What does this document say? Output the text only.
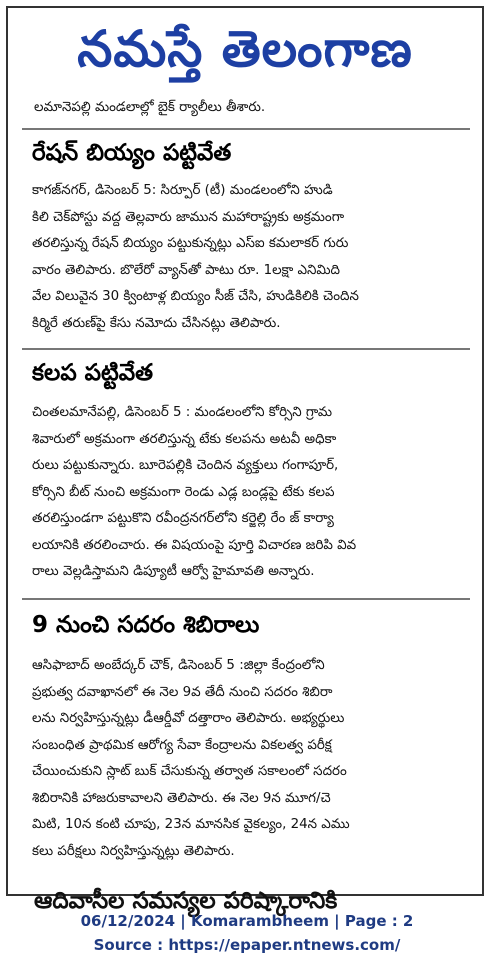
నమస్తే తెలంగాణ
లమానెపల్లి మండలాల్లో బైక్ ర్యాలీలు తీశారు.
రేషన్ బియ్యం పట్టివేత
కాగజ్‌నగర్, డిసెంబర్ 5: సిర్పూర్ (టీ) మండలంలోని హుడి
కిలి చెక్‌పోస్టు వద్ద తెల్లవారు జామున మహారాష్ట్రకు అక్రమంగా
తరలిస్తున్న రేషన్ బియ్యం పట్టుకున్నట్లు ఎస్ఐ కమలాకర్ గురు
వారం తెలిపారు. బొలేరో వ్యాన్‌తో పాటు రూ. 1లక్షా ఎనిమిది
వేల విలువైన 30 క్వింటాళ్ల బియ్యం సీజ్ చేసి, హుడికిలికి చెందిన
కిర్మిరే తరుణ్‌పై కేసు నమోదు చేసినట్లు తెలిపారు.
కలప పట్టివేత
చింతలమానేపల్లి, డిసెంబర్ 5 : మండలంలోని కోర్సిని గ్రామ
శివారులో అక్రమంగా తరలిస్తున్న టేకు కలపను అటవీ అధికా
రులు పట్టుకున్నారు. బూరెపల్లికి చెందిన వ్యక్తులు గంగాపూర్,
కోర్సిని బీట్ నుంచి అక్రమంగా రెండు ఎడ్ల బండ్లపై టేకు కలప
తరలిస్తుండగా పట్టుకొని రవీంద్రనగర్‌లోని కర్జెల్లి రేం జ్ కార్యా
లయానికి తరలించారు. ఈ విషయంపై పూర్తి విచారణ జరిపి వివ
రాలు వెల్లడిస్తామని డిప్యూటీ ఆర్వో హైమావతి అన్నారు.
9 నుంచి సదరం శిబిరాలు
ఆసిఫాబాద్ అంబేద్కర్ చౌక్, డిసెంబర్ 5 :జిల్లా కేంద్రంలోని
ప్రభుత్వ దవాఖానలో ఈ నెల 9వ తేదీ నుంచి సదరం శిబిరా
లను నిర్వహిస్తున్నట్లు డీఆర్డీవో దత్తారాం తెలిపారు. అభ్యర్థులు
సంబంధిత ప్రాథమిక ఆరోగ్య సేవా కేంద్రాలను వికలత్వ పరీక్ష
చేయించుకుని స్లాట్ బుక్ చేసుకున్న తర్వాత సకాలంలో సదరం
శిబిరానికి హాజరుకావాలని తెలిపారు. ఈ నెల 9న మూగ/చె
మిటి, 10న కంటి చూపు, 23న మానసిక వైకల్యం, 24న ఎము
కలు పరీక్షలు నిర్వహిస్తున్నట్లు తెలిపారు.
ఆదివాసీల సమస్యల పరిష్కారానికి
06/12/2024 | Komarambheem | Page : 2
Source : https://epaper.ntnews.com/
